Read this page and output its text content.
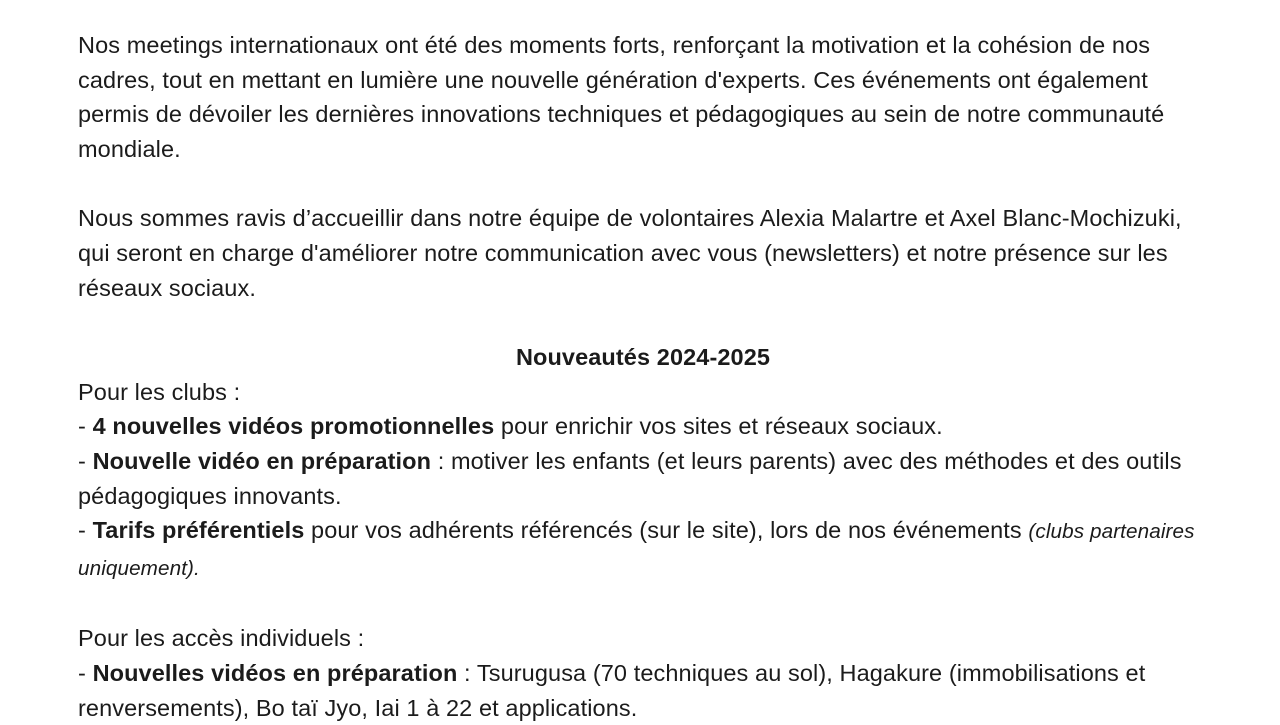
Nos meetings internationaux ont été des moments forts, renforçant la motivation et la cohésion de nos cadres, tout en mettant en lumière une nouvelle génération d'experts. Ces événements ont également permis de dévoiler les dernières innovations techniques et pédagogiques au sein de notre communauté mondiale.

Nous sommes ravis d’accueillir dans notre équipe de volontaires Alexia Malartre et Axel Blanc-Mochizuki, qui seront en charge d'améliorer notre communication avec vous (newsletters) et notre présence sur les réseaux sociaux.

Nouveautés 2024-2025

Pour les clubs :

- 4 nouvelles vidéos promotionnelles pour enrichir vos sites et réseaux sociaux.

- Nouvelle vidéo en préparation : motiver les enfants (et leurs parents) avec des méthodes et des outils pédagogiques innovants.

- Tarifs préférentiels pour vos adhérents référencés (sur le site), lors de nos événements (clubs partenaires uniquement).

Pour les accès individuels :

- Nouvelles vidéos en préparation : Tsurugusa (70 techniques au sol), Hagakure (immobilisations et renversements), Bo taï Jyo, Iai 1 à 22 et applications.
